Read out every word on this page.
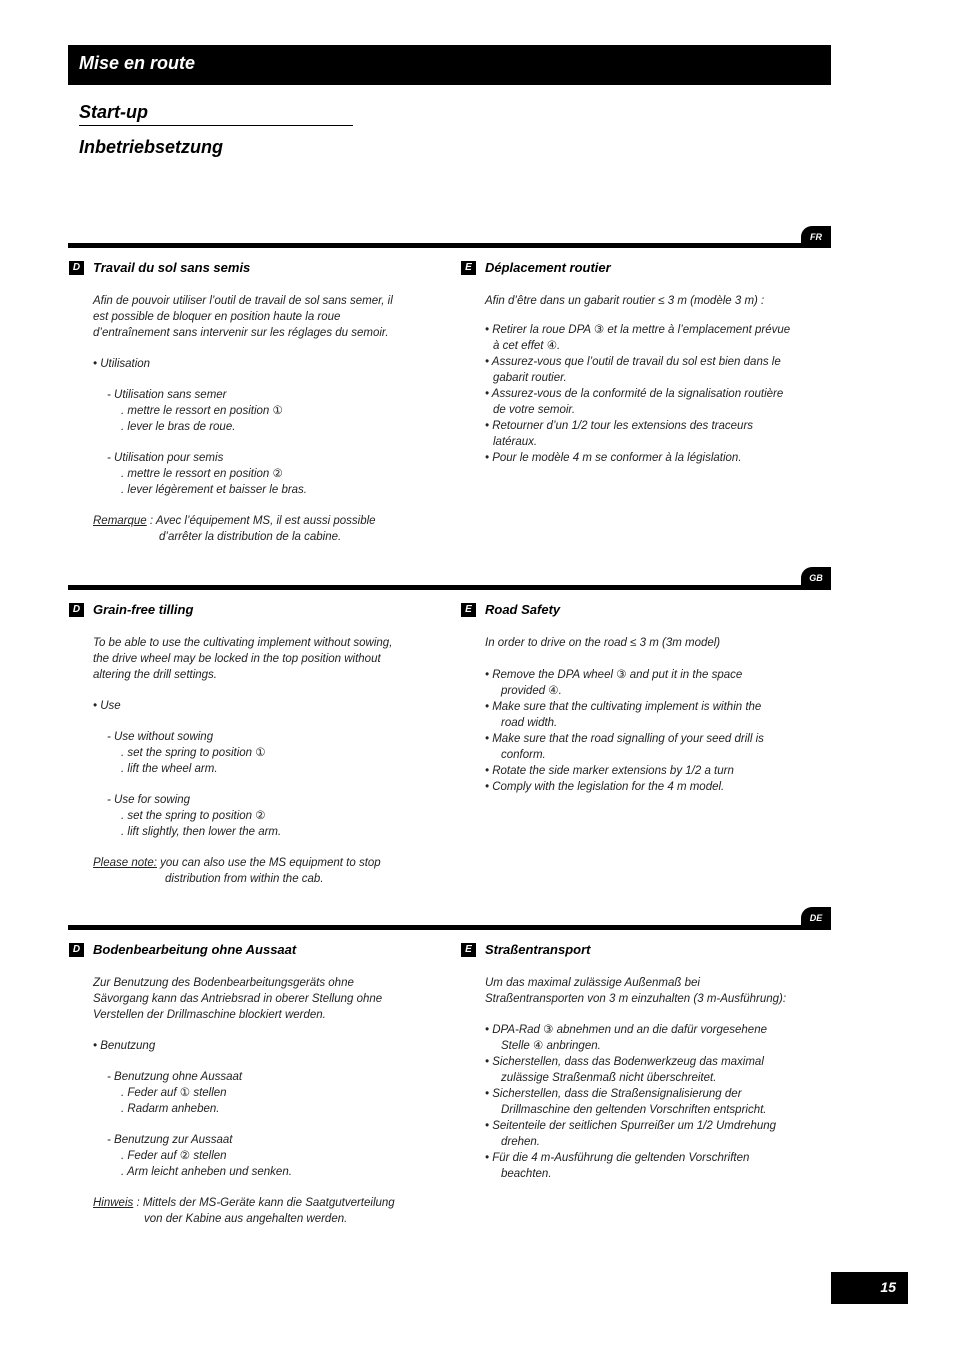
Mise en route
Start-up
Inbetriebsetzung
FR
D Travail du sol sans semis
Afin de pouvoir utiliser l’outil de travail de sol sans semer, il
est possible de bloquer en position haute la roue
d’entraînement sans intervenir sur les réglages du semoir.
• Utilisation
- Utilisation sans semer
. mettre le ressort en position ①
. lever le bras de roue.
- Utilisation pour semis
. mettre le ressort en position ②
. lever légèrement et baisser le bras.
Remarque : Avec l’équipement MS, il est aussi possible
d’arrêter la distribution de la cabine.
E	Déplacement routier
Afin d’être dans un gabarit routier ≤ 3 m (modèle 3 m) :
• Retirer la roue DPA ③ et la mettre à l’emplacement prévue
à cet effet ④.
• Assurez-vous que l’outil de travail du sol est bien dans le
gabarit routier.
• Assurez-vous de la conformité de la signalisation routière
de votre semoir.
• Retourner d’un 1/2 tour les extensions des traceurs
latéraux.
• Pour le modèle 4 m se conformer à la législation.
GB
D Grain-free tilling
To be able to use the cultivating implement without sowing,
the drive wheel may be locked in the top position without
altering the drill settings.
• Use
- Use without sowing
. set the spring to position ①
. lift the wheel arm.
- Use for sowing
. set the spring to position ②
. lift slightly, then lower the arm.
Please note: you can also use the MS equipment to stop
distribution from within the cab.
E	Road Safety
In order to drive on the road ≤ 3 m (3m model)
• Remove the DPA wheel ③ and put it in the space
provided ④.
• Make sure that the cultivating implement is within the
road width.
• Make sure that the road signalling of your seed drill is
conform.
• Rotate the side marker extensions by 1/2 a turn
• Comply with the legislation for the 4 m model.
DE
D Bodenbearbeitung ohne Aussaat
Zur Benutzung des Bodenbearbeitungsgeräts ohne
Sävorgang kann das Antriebsrad in oberer Stellung ohne
Verstellen der Drillmaschine blockiert werden.
• Benutzung
- Benutzung ohne Aussaat
. Feder auf ① stellen
. Radarm anheben.
- Benutzung zur Aussaat
. Feder auf ② stellen
. Arm leicht anheben und senken.
Hinweis : Mittels der MS-Geräte kann die Saatgutverteilung
von der Kabine aus angehalten werden.
E	Straßentransport
Um das maximal zulässige Außenmaß bei
Straßentransporten von 3 m einzuhalten (3 m-Ausführung):
• DPA-Rad ③ abnehmen und an die dafür vorgesehene
Stelle ④ anbringen.
• Sicherstellen, dass das Bodenwerkzeug das maximal
zulässige Straßenmaß nicht überschreitet.
• Sicherstellen, dass die Straßensignalisierung der
Drillmaschine den geltenden Vorschriften entspricht.
• Seitenteile der seitlichen Spurreißer um 1/2 Umdrehung
drehen.
• Für die 4 m-Ausführung die geltenden Vorschriften
beachten.
15
